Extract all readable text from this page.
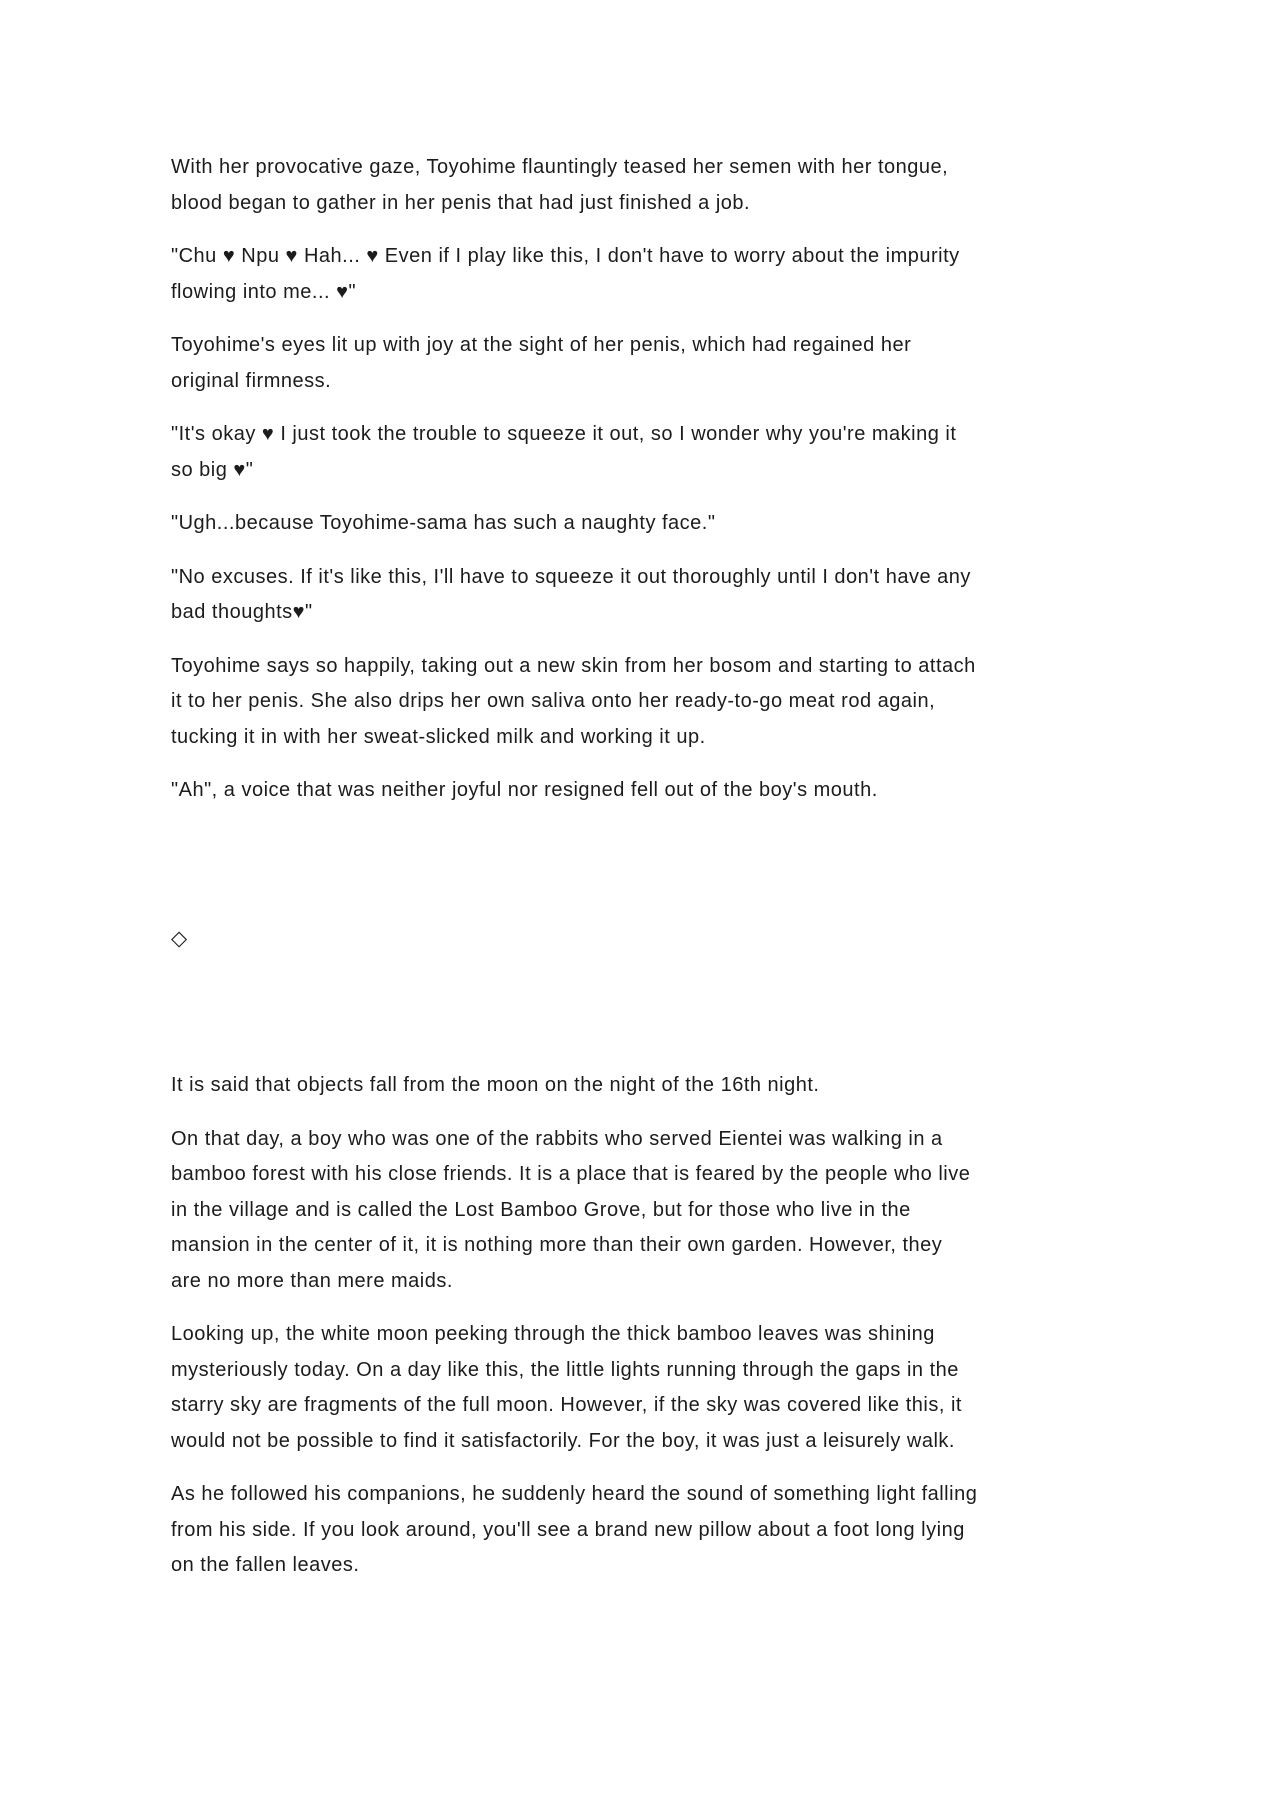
With her provocative gaze, Toyohime flauntingly teased her semen with her tongue,
blood began to gather in her penis that had just finished a job.

"Chu ♥ Npu ♥ Hah... ♥ Even if I play like this, I don't have to worry about the impurity
flowing into me... ♥"

Toyohime's eyes lit up with joy at the sight of her penis, which had regained her
original firmness.

"It's okay ♥ I just took the trouble to squeeze it out, so I wonder why you're making it
so big ♥"

"Ugh...because Toyohime-sama has such a naughty face."

"No excuses. If it's like this, I'll have to squeeze it out thoroughly until I don't have any
bad thoughts♥"

Toyohime says so happily, taking out a new skin from her bosom and starting to attach
it to her penis. She also drips her own saliva onto her ready-to-go meat rod again,
tucking it in with her sweat-slicked milk and working it up.

"Ah", a voice that was neither joyful nor resigned fell out of the boy's mouth.

◇

It is said that objects fall from the moon on the night of the 16th night.

On that day, a boy who was one of the rabbits who served Eientei was walking in a
bamboo forest with his close friends. It is a place that is feared by the people who live
in the village and is called the Lost Bamboo Grove, but for those who live in the
mansion in the center of it, it is nothing more than their own garden. However, they
are no more than mere maids.

Looking up, the white moon peeking through the thick bamboo leaves was shining
mysteriously today. On a day like this, the little lights running through the gaps in the
starry sky are fragments of the full moon. However, if the sky was covered like this, it
would not be possible to find it satisfactorily. For the boy, it was just a leisurely walk.

As he followed his companions, he suddenly heard the sound of something light falling
from his side. If you look around, you'll see a brand new pillow about a foot long lying
on the fallen leaves.
